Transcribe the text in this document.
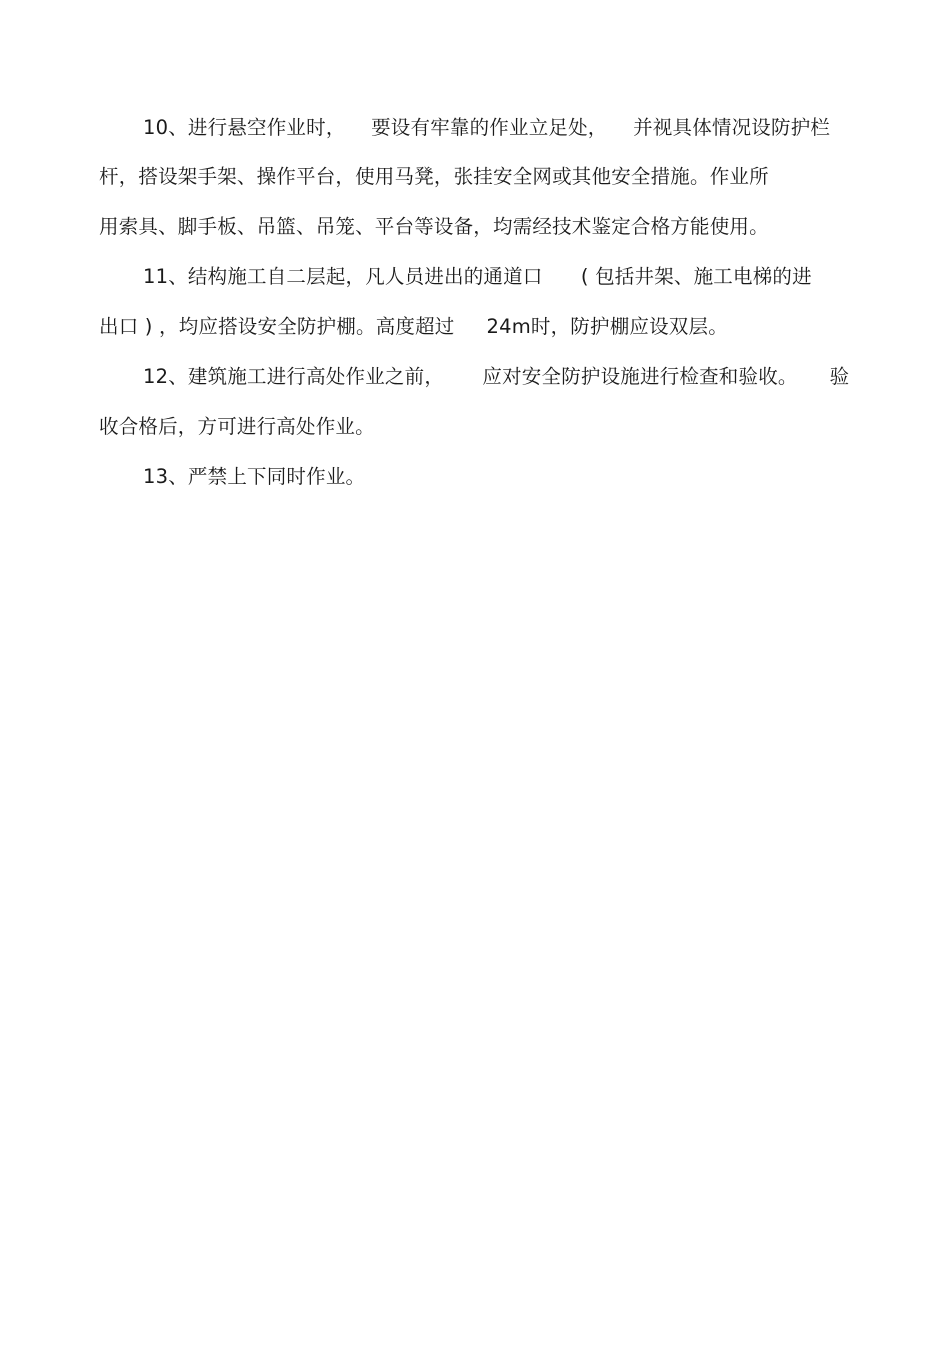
10、进行悬空作业时，    要设有牢靠的作业立足处，    并视具体情况设防护栏
杆，搭设架手架、操作平台，使用马凳，张挂安全网或其他安全措施。作业所
用索具、脚手板、吊篮、吊笼、平台等设备，均需经技术鉴定合格方能使用。
11、结构施工自二层起，凡人员进出的通道口      ( 包括井架、施工电梯的进
出口 ) ，均应搭设安全防护棚。高度超过     24m时，防护棚应设双层。
12、建筑施工进行高处作业之前，      应对安全防护设施进行检查和验收。     验
收合格后，方可进行高处作业。
13、严禁上下同时作业。
